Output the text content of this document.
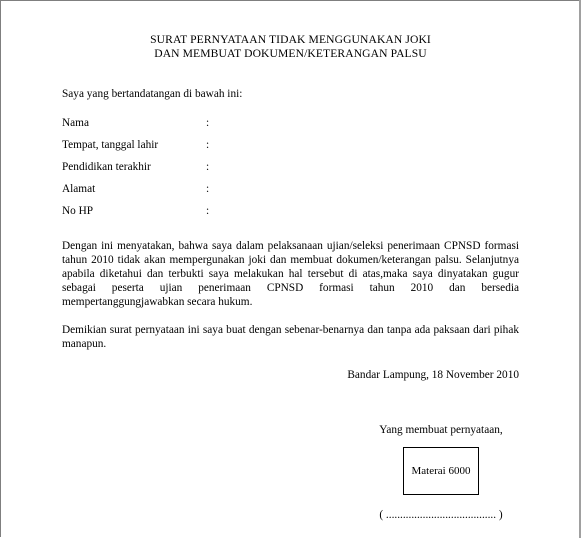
SURAT PERNYATAAN TIDAK MENGGUNAKAN JOKI
DAN MEMBUAT DOKUMEN/KETERANGAN PALSU
Saya yang bertandatangan di bawah ini:
Nama	:
Tempat, tanggal lahir	:
Pendidikan terakhir	:
Alamat	:
No HP	:
Dengan ini menyatakan, bahwa saya dalam pelaksanaan ujian/seleksi penerimaan CPNSD formasi tahun 2010 tidak akan mempergunakan joki dan membuat dokumen/keterangan palsu. Selanjutnya apabila diketahui dan terbukti saya melakukan hal tersebut di atas,maka saya dinyatakan gugur sebagai peserta ujian penerimaan CPNSD formasi tahun 2010 dan bersedia mempertanggungjawabkan secara hukum.
Demikian surat pernyataan ini saya buat dengan sebenar-benarnya dan tanpa ada paksaan dari pihak manapun.
Bandar Lampung, 18 November 2010
Yang membuat pernyataan,
Materai 6000
( ....................................... )
